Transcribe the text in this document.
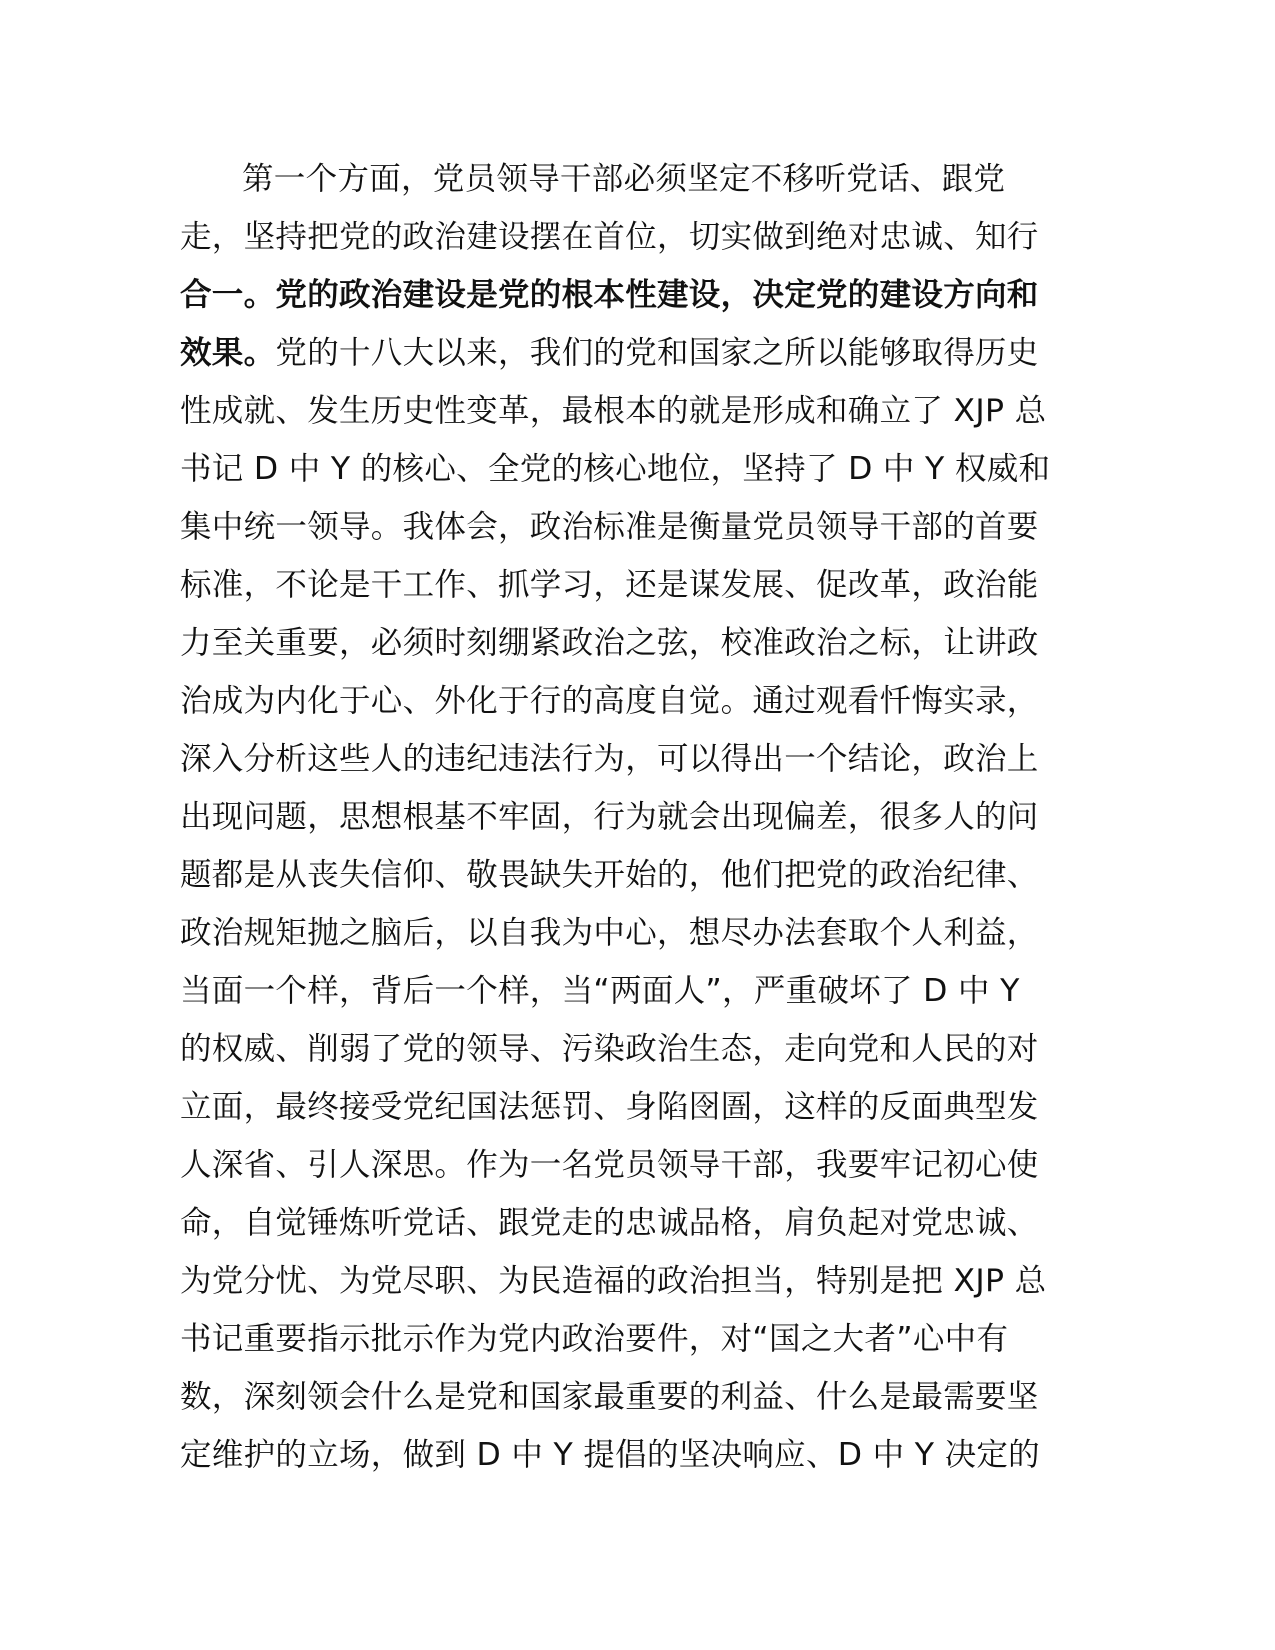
第一个方面，党员领导干部必须坚定不移听党话、跟党
走，坚持把党的政治建设摆在首位，切实做到绝对忠诚、知行
合一。党的政治建设是党的根本性建设，决定党的建设方向和
效果。党的十八大以来，我们的党和国家之所以能够取得历史
性成就、发生历史性变革，最根本的就是形成和确立了 XJP 总
书记 D 中 Y 的核心、全党的核心地位，坚持了 D 中 Y 权威和
集中统一领导。我体会，政治标准是衡量党员领导干部的首要
标准，不论是干工作、抓学习，还是谋发展、促改革，政治能
力至关重要，必须时刻绷紧政治之弦，校准政治之标，让讲政
治成为内化于心、外化于行的高度自觉。通过观看忏悔实录，
深入分析这些人的违纪违法行为，可以得出一个结论，政治上
出现问题，思想根基不牢固，行为就会出现偏差，很多人的问
题都是从丧失信仰、敬畏缺失开始的，他们把党的政治纪律、
政治规矩抛之脑后，以自我为中心，想尽办法套取个人利益，
当面一个样，背后一个样，当“两面人”，严重破坏了 D 中 Y
的权威、削弱了党的领导、污染政治生态，走向党和人民的对
立面，最终接受党纪国法惩罚、身陷囹圄，这样的反面典型发
人深省、引人深思。作为一名党员领导干部，我要牢记初心使
命，自觉锤炼听党话、跟党走的忠诚品格，肩负起对党忠诚、
为党分忧、为党尽职、为民造福的政治担当，特别是把 XJP 总
书记重要指示批示作为党内政治要件，对“国之大者”心中有
数，深刻领会什么是党和国家最重要的利益、什么是最需要坚
定维护的立场，做到 D 中 Y 提倡的坚决响应、D 中 Y 决定的
